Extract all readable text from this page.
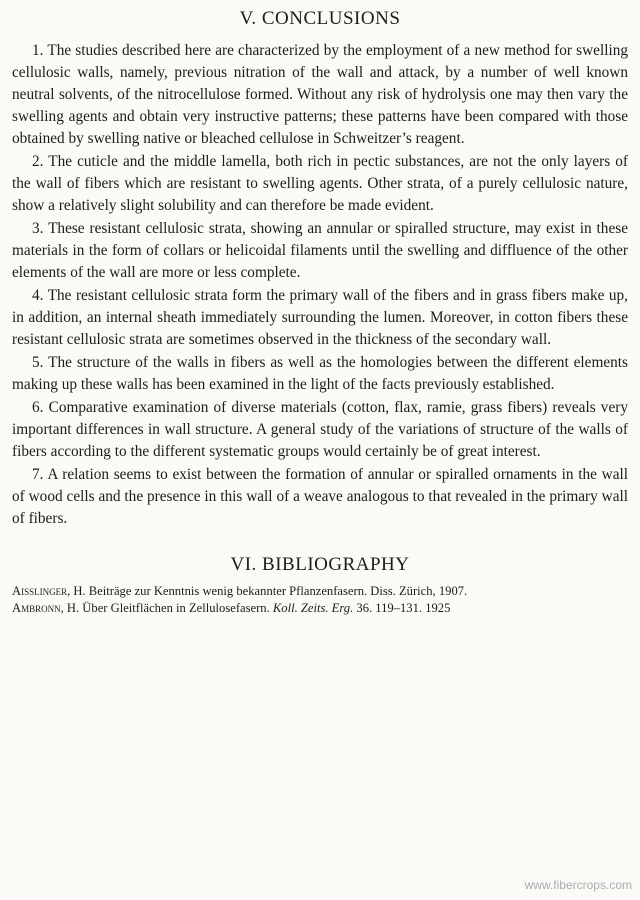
V. CONCLUSIONS

1. The studies described here are characterized by the employment of a new method for swelling cellulosic walls, namely, previous nitration of the wall and attack, by a number of well known neutral solvents, of the nitrocellulose formed. Without any risk of hydrolysis one may then vary the swelling agents and obtain very instructive patterns; these patterns have been compared with those obtained by swelling native or bleached cellulose in Schweitzer’s reagent.

2. The cuticle and the middle lamella, both rich in pectic substances, are not the only layers of the wall of fibers which are resistant to swelling agents. Other strata, of a purely cellulosic nature, show a relatively slight solubility and can therefore be made evident.

3. These resistant cellulosic strata, showing an annular or spiralled structure, may exist in these materials in the form of collars or helicoidal filaments until the swelling and diffluence of the other elements of the wall are more or less complete.

4. The resistant cellulosic strata form the primary wall of the fibers and in grass fibers make up, in addition, an internal sheath immediately surrounding the lumen. Moreover, in cotton fibers these resistant cellulosic strata are sometimes observed in the thickness of the secondary wall.

5. The structure of the walls in fibers as well as the homologies between the different elements making up these walls has been examined in the light of the facts previously established.

6. Comparative examination of diverse materials (cotton, flax, ramie, grass fibers) reveals very important differences in wall structure. A general study of the variations of structure of the walls of fibers according to the different systematic groups would certainly be of great interest.

7. A relation seems to exist between the formation of annular or spiralled ornaments in the wall of wood cells and the presence in this wall of a weave analogous to that revealed in the primary wall of fibers.

VI. BIBLIOGRAPHY

Aisslinger, H. Beiträge zur Kenntnis wenig bekannter Pflanzenfasern. Diss. Zürich, 1907.

Ambronn, H. Über Gleitflächen in Zellulosefasern. Koll. Zeits. Erg. 36. 119–131. 1925

www.fibercrops.com
